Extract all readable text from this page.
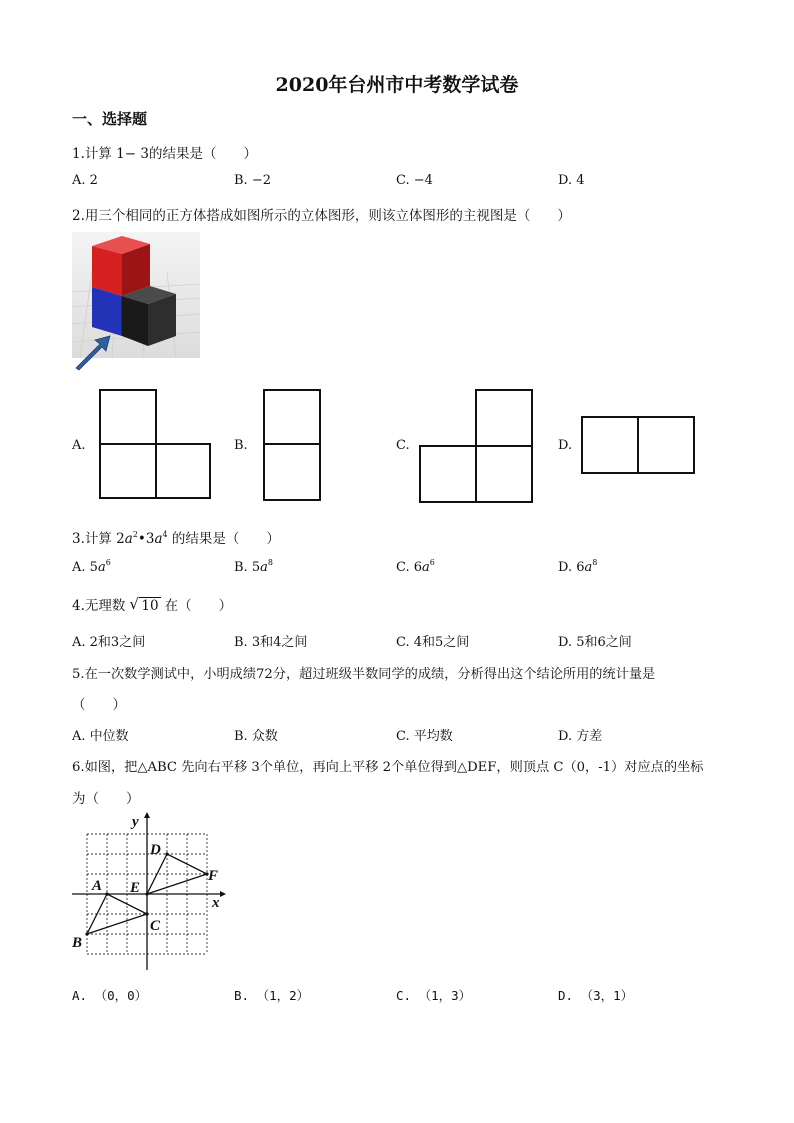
2020年台州市中考数学试卷
一、选择题
1.计算 1− 3的结果是（　　）
A. 2	B. −2	C. −4	D. 4
2.用三个相同的正方体搭成如图所示的立体图形，则该立体图形的主视图是（　　）
A.	B.	C.	D.
3.计算 $2a^2•3a^4$ 的结果是（　　）
A. $5a^6$	B. $5a^8$	C. $6a^6$	D. $6a^8$
4.无理数 √ 10 在（　　）
A. 2和3之间	B. 3和4之间	C. 4和5之间	D. 5和6之间
5.在一次数学测试中，小明成绩72分，超过班级半数同学的成绩，分析得出这个结论所用的统计量是
（　　）
A. 中位数	B. 众数	C. 平均数	D. 方差
6.如图，把△ABC 先向右平移 3个单位，再向上平移 2个单位得到△DEF，则顶点 C（0，-1）对应点的坐标
为（　　）
y
x
A
B
C
D
E
F
A. （0，0）	B. （1，2）	C. （1，3）	D. （3，1）
